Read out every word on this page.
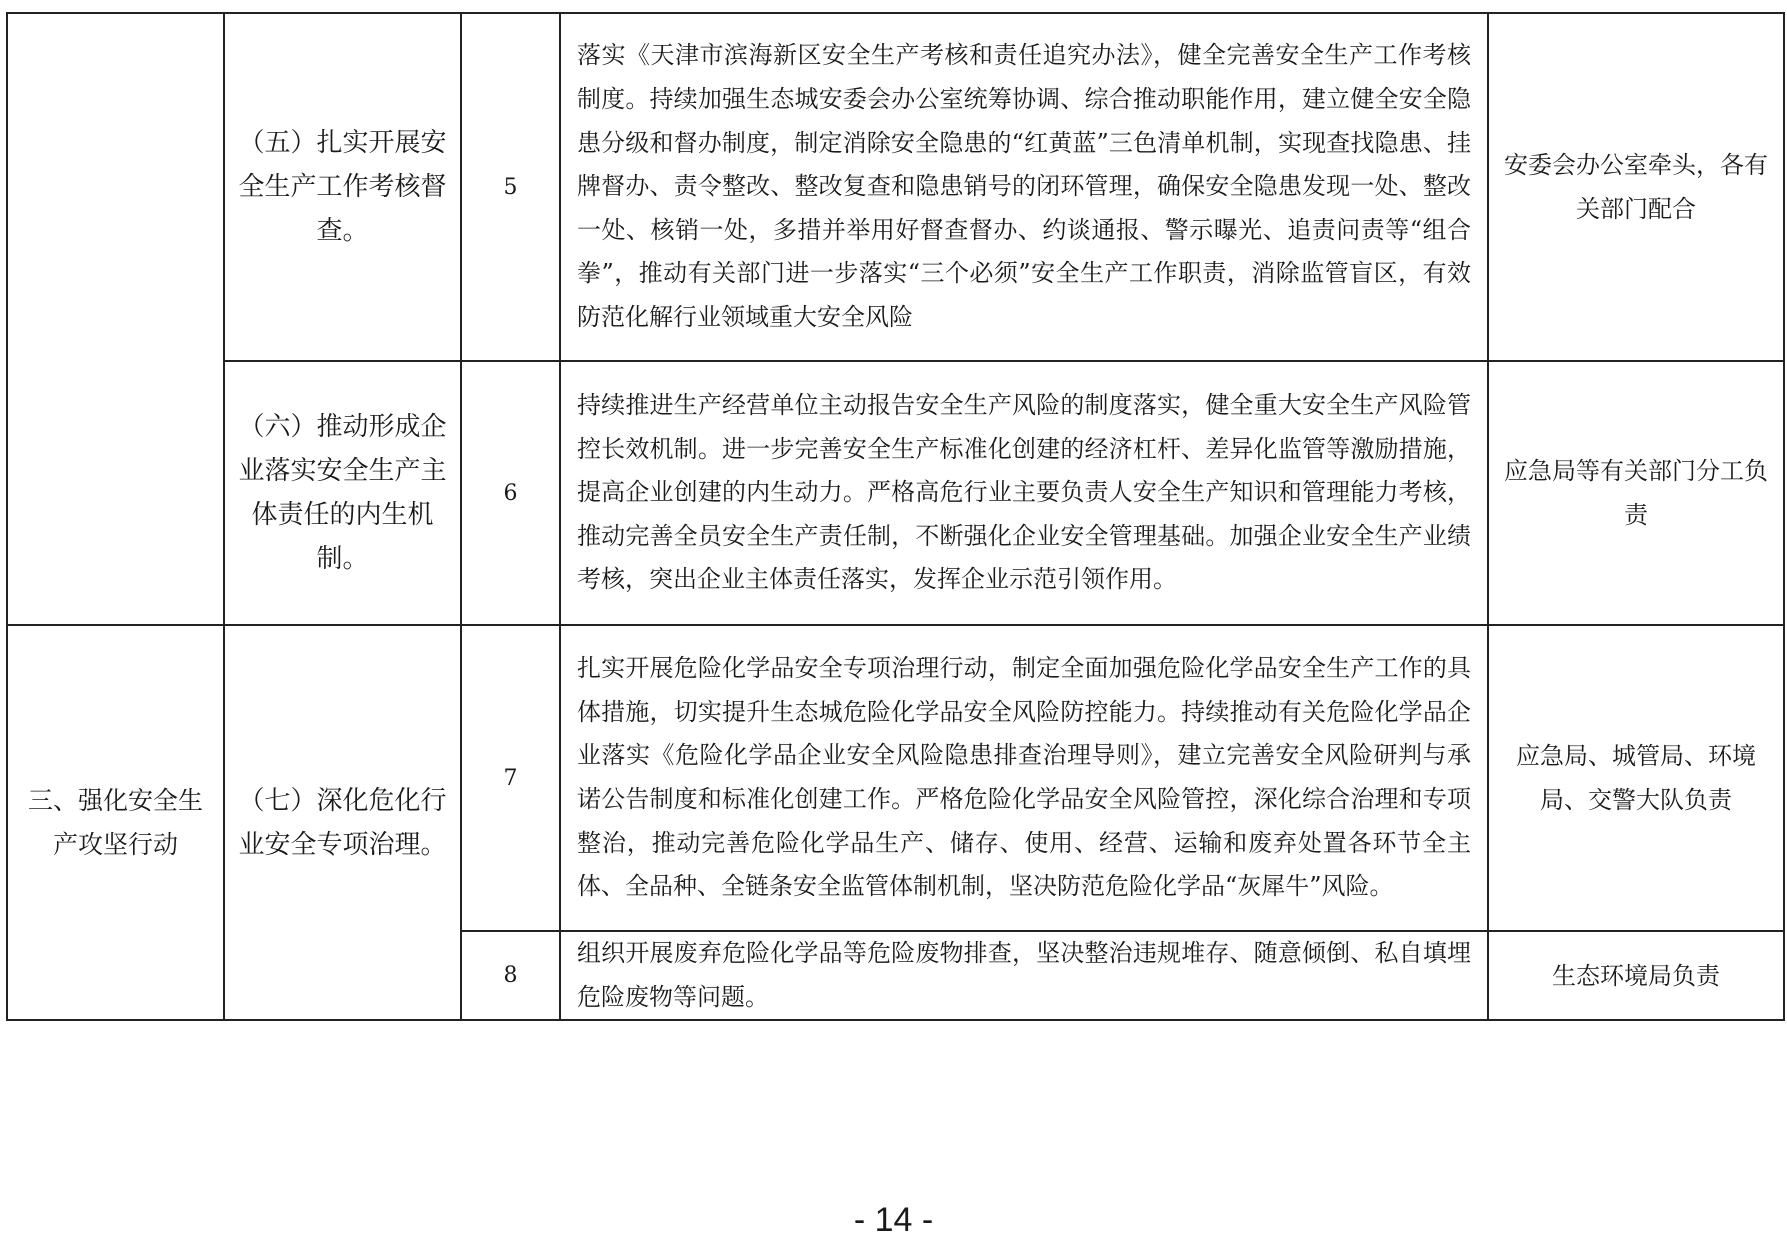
	（五）扎实开展安全生产工作考核督查。	5	落实《天津市滨海新区安全生产考核和责任追究办法》，健全完善安全生产工作考核制度。持续加强生态城安委会办公室统筹协调、综合推动职能作用，建立健全安全隐患分级和督办制度，制定消除安全隐患的“红黄蓝”三色清单机制，实现查找隐患、挂牌督办、责令整改、整改复查和隐患销号的闭环管理，确保安全隐患发现一处、整改一处、核销一处，多措并举用好督查督办、约谈通报、警示曝光、追责问责等“组合拳”，推动有关部门进一步落实“三个必须”安全生产工作职责，消除监管盲区，有效防范化解行业领域重大安全风险	安委会办公室牵头，各有关部门配合
	（六）推动形成企业落实安全生产主体责任的内生机制。	6	持续推进生产经营单位主动报告安全生产风险的制度落实，健全重大安全生产风险管控长效机制。进一步完善安全生产标准化创建的经济杠杆、差异化监管等激励措施，提高企业创建的内生动力。严格高危行业主要负责人安全生产知识和管理能力考核，推动完善全员安全生产责任制，不断强化企业安全管理基础。加强企业安全生产业绩考核，突出企业主体责任落实，发挥企业示范引领作用。	应急局等有关部门分工负责
三、强化安全生产攻坚行动	（七）深化危化行业安全专项治理。	7	扎实开展危险化学品安全专项治理行动，制定全面加强危险化学品安全生产工作的具体措施，切实提升生态城危险化学品安全风险防控能力。持续推动有关危险化学品企业落实《危险化学品企业安全风险隐患排查治理导则》，建立完善安全风险研判与承诺公告制度和标准化创建工作。严格危险化学品安全风险管控，深化综合治理和专项整治，推动完善危险化学品生产、储存、使用、经营、运输和废弃处置各环节全主体、全品种、全链条安全监管体制机制，坚决防范危险化学品“灰犀牛”风险。	应急局、城管局、环境局、交警大队负责
		8	组织开展废弃危险化学品等危险废物排查，坚决整治违规堆存、随意倾倒、私自填埋危险废物等问题。	生态环境局负责
- 14 -
